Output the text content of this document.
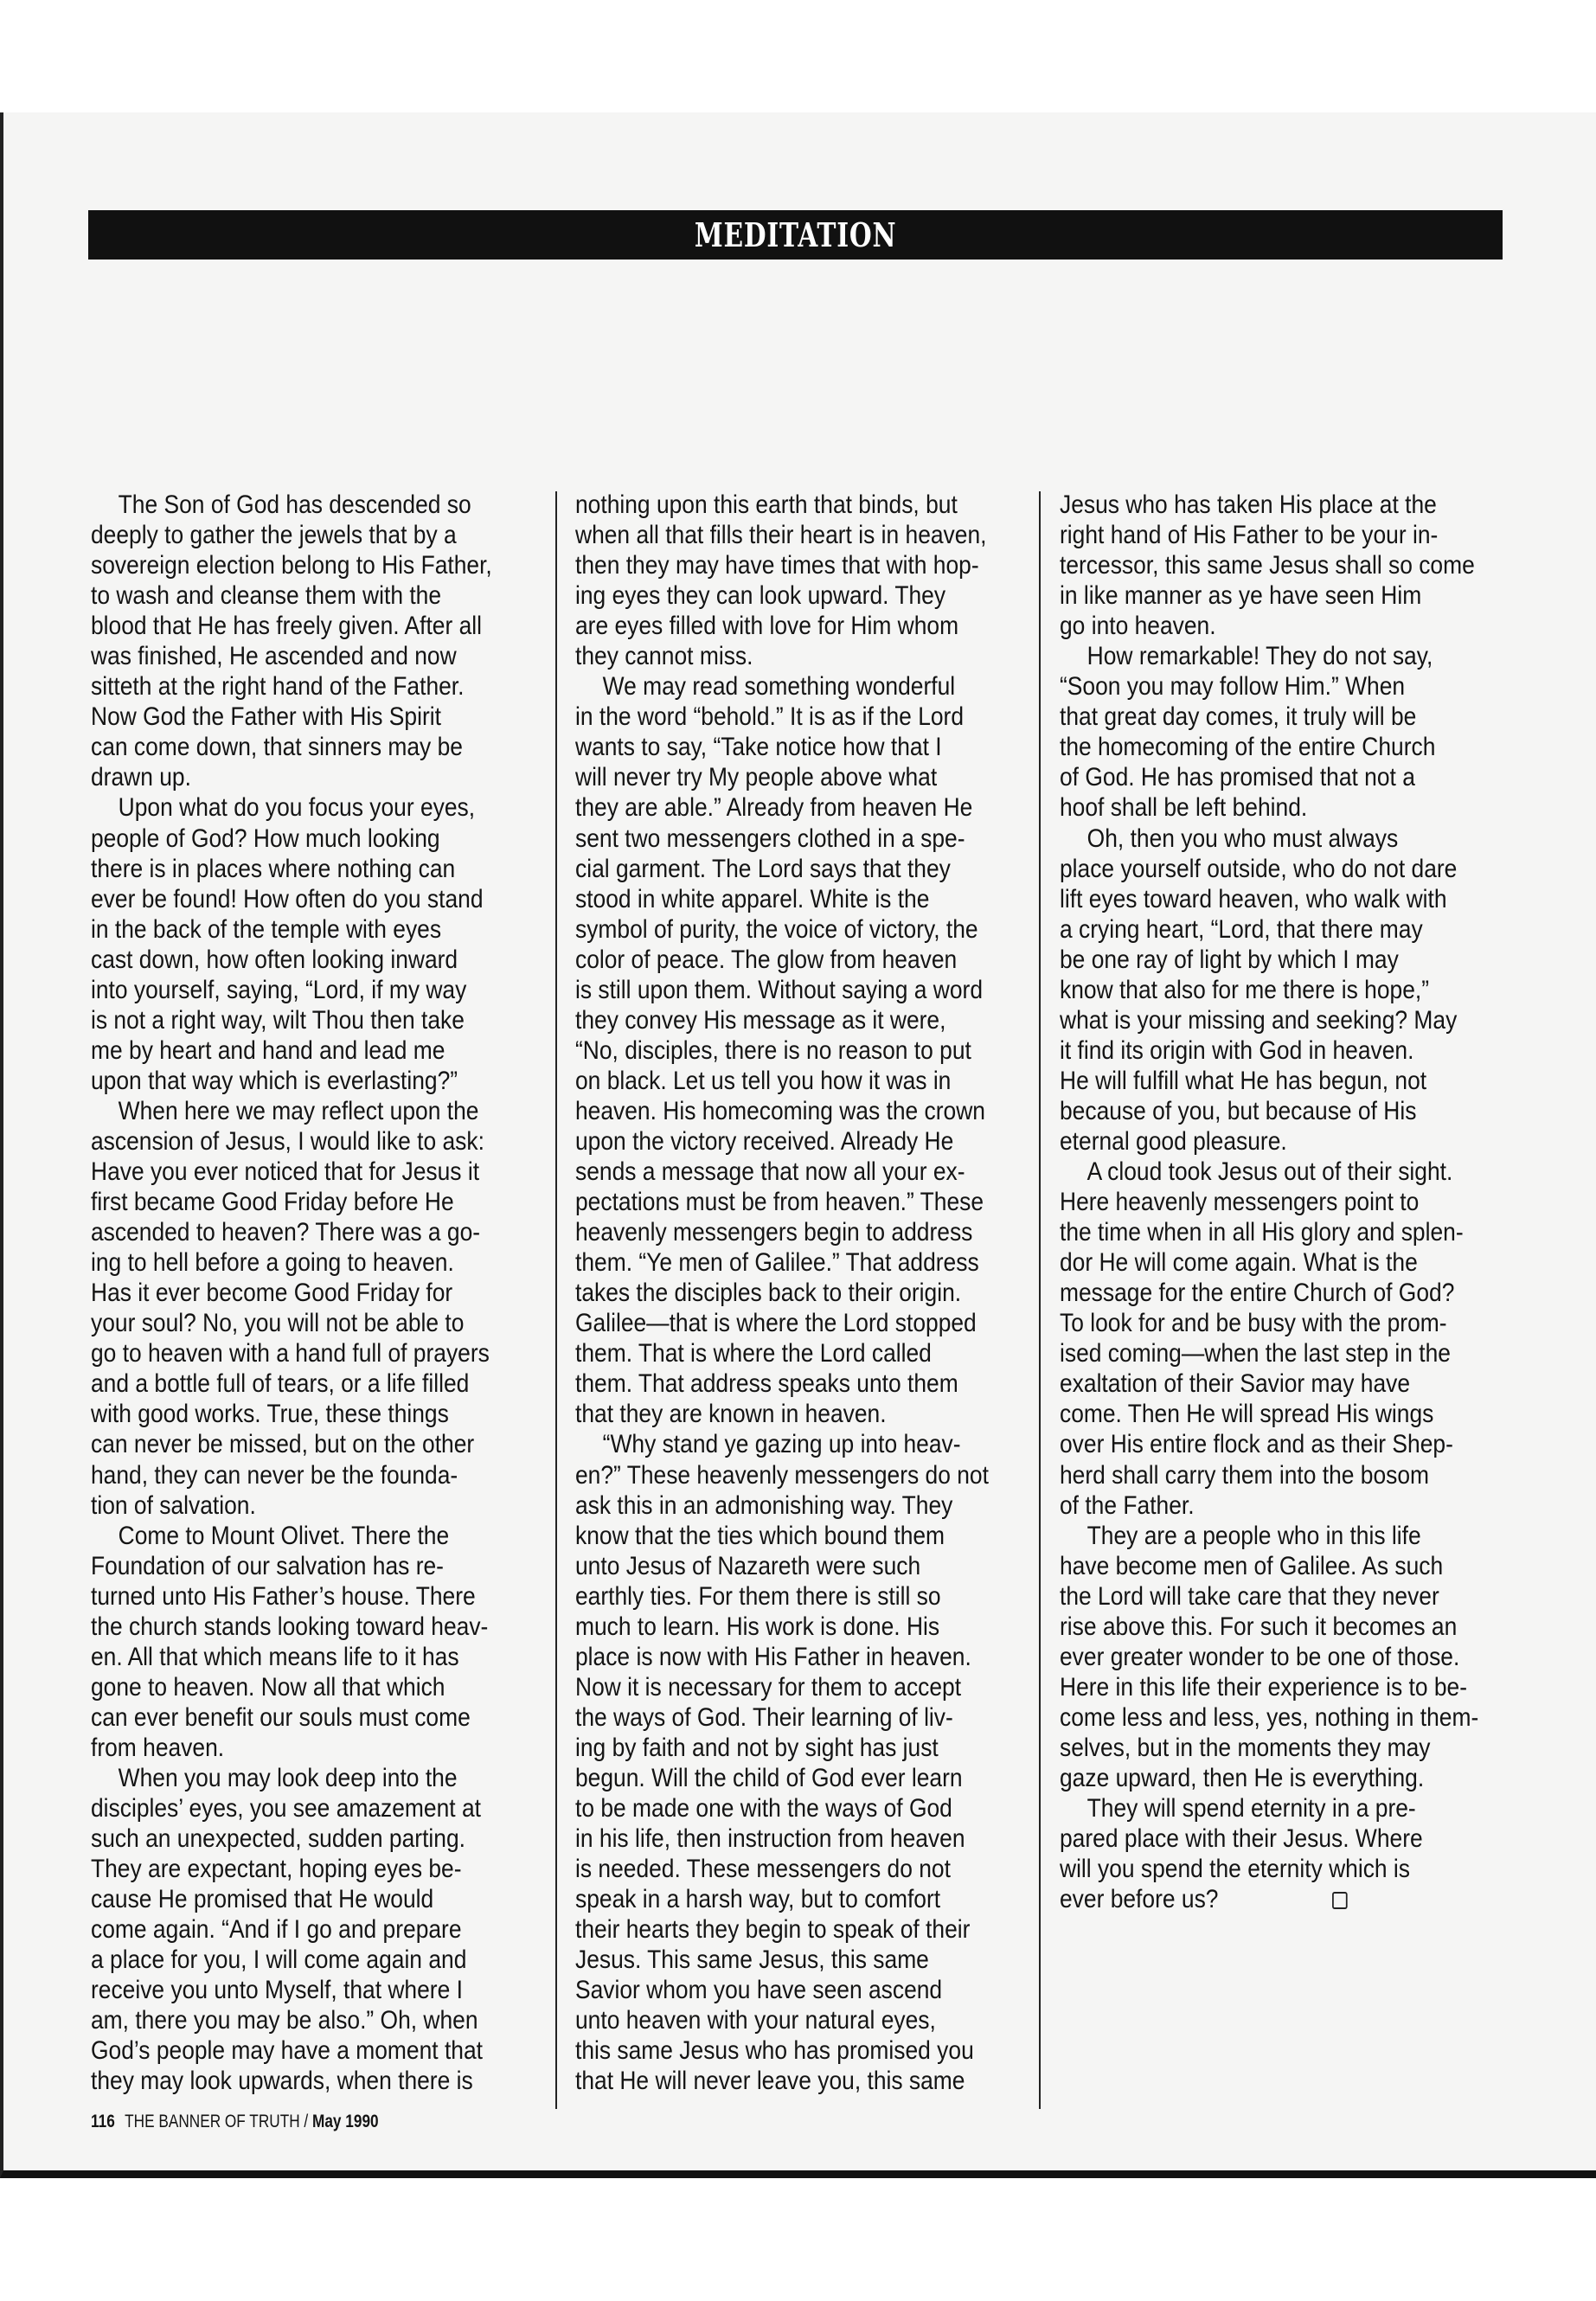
MEDITATION
The Son of God has descended so
deeply to gather the jewels that by a
sovereign election belong to His Father,
to wash and cleanse them with the
blood that He has freely given. After all
was finished, He ascended and now
sitteth at the right hand of the Father.
Now God the Father with His Spirit
can come down, that sinners may be
drawn up.
Upon what do you focus your eyes,
people of God? How much looking
there is in places where nothing can
ever be found! How often do you stand
in the back of the temple with eyes
cast down, how often looking inward
into yourself, saying, “Lord, if my way
is not a right way, wilt Thou then take
me by heart and hand and lead me
upon that way which is everlasting?”
When here we may reflect upon the
ascension of Jesus, I would like to ask:
Have you ever noticed that for Jesus it
first became Good Friday before He
ascended to heaven? There was a go-
ing to hell before a going to heaven.
Has it ever become Good Friday for
your soul? No, you will not be able to
go to heaven with a hand full of prayers
and a bottle full of tears, or a life filled
with good works. True, these things
can never be missed, but on the other
hand, they can never be the founda-
tion of salvation.
Come to Mount Olivet. There the
Foundation of our salvation has re-
turned unto His Father’s house. There
the church stands looking toward heav-
en. All that which means life to it has
gone to heaven. Now all that which
can ever benefit our souls must come
from heaven.
When you may look deep into the
disciples’ eyes, you see amazement at
such an unexpected, sudden parting.
They are expectant, hoping eyes be-
cause He promised that He would
come again. “And if I go and prepare
a place for you, I will come again and
receive you unto Myself, that where I
am, there you may be also.” Oh, when
God’s people may have a moment that
they may look upwards, when there is
nothing upon this earth that binds, but
when all that fills their heart is in heaven,
then they may have times that with hop-
ing eyes they can look upward. They
are eyes filled with love for Him whom
they cannot miss.
We may read something wonderful
in the word “behold.” It is as if the Lord
wants to say, “Take notice how that I
will never try My people above what
they are able.” Already from heaven He
sent two messengers clothed in a spe-
cial garment. The Lord says that they
stood in white apparel. White is the
symbol of purity, the voice of victory, the
color of peace. The glow from heaven
is still upon them. Without saying a word
they convey His message as it were,
“No, disciples, there is no reason to put
on black. Let us tell you how it was in
heaven. His homecoming was the crown
upon the victory received. Already He
sends a message that now all your ex-
pectations must be from heaven.” These
heavenly messengers begin to address
them. “Ye men of Galilee.” That address
takes the disciples back to their origin.
Galilee—that is where the Lord stopped
them. That is where the Lord called
them. That address speaks unto them
that they are known in heaven.
“Why stand ye gazing up into heav-
en?” These heavenly messengers do not
ask this in an admonishing way. They
know that the ties which bound them
unto Jesus of Nazareth were such
earthly ties. For them there is still so
much to learn. His work is done. His
place is now with His Father in heaven.
Now it is necessary for them to accept
the ways of God. Their learning of liv-
ing by faith and not by sight has just
begun. Will the child of God ever learn
to be made one with the ways of God
in his life, then instruction from heaven
is needed. These messengers do not
speak in a harsh way, but to comfort
their hearts they begin to speak of their
Jesus. This same Jesus, this same
Savior whom you have seen ascend
unto heaven with your natural eyes,
this same Jesus who has promised you
that He will never leave you, this same
Jesus who has taken His place at the
right hand of His Father to be your in-
tercessor, this same Jesus shall so come
in like manner as ye have seen Him
go into heaven.
How remarkable! They do not say,
“Soon you may follow Him.” When
that great day comes, it truly will be
the homecoming of the entire Church
of God. He has promised that not a
hoof shall be left behind.
Oh, then you who must always
place yourself outside, who do not dare
lift eyes toward heaven, who walk with
a crying heart, “Lord, that there may
be one ray of light by which I may
know that also for me there is hope,”
what is your missing and seeking? May
it find its origin with God in heaven.
He will fulfill what He has begun, not
because of you, but because of His
eternal good pleasure.
A cloud took Jesus out of their sight.
Here heavenly messengers point to
the time when in all His glory and splen-
dor He will come again. What is the
message for the entire Church of God?
To look for and be busy with the prom-
ised coming—when the last step in the
exaltation of their Savior may have
come. Then He will spread His wings
over His entire flock and as their Shep-
herd shall carry them into the bosom
of the Father.
They are a people who in this life
have become men of Galilee. As such
the Lord will take care that they never
rise above this. For such it becomes an
ever greater wonder to be one of those.
Here in this life their experience is to be-
come less and less, yes, nothing in them-
selves, but in the moments they may
gaze upward, then He is everything.
They will spend eternity in a pre-
pared place with their Jesus. Where
will you spend the eternity which is
ever before us?
116 THE BANNER OF TRUTH / May 1990
